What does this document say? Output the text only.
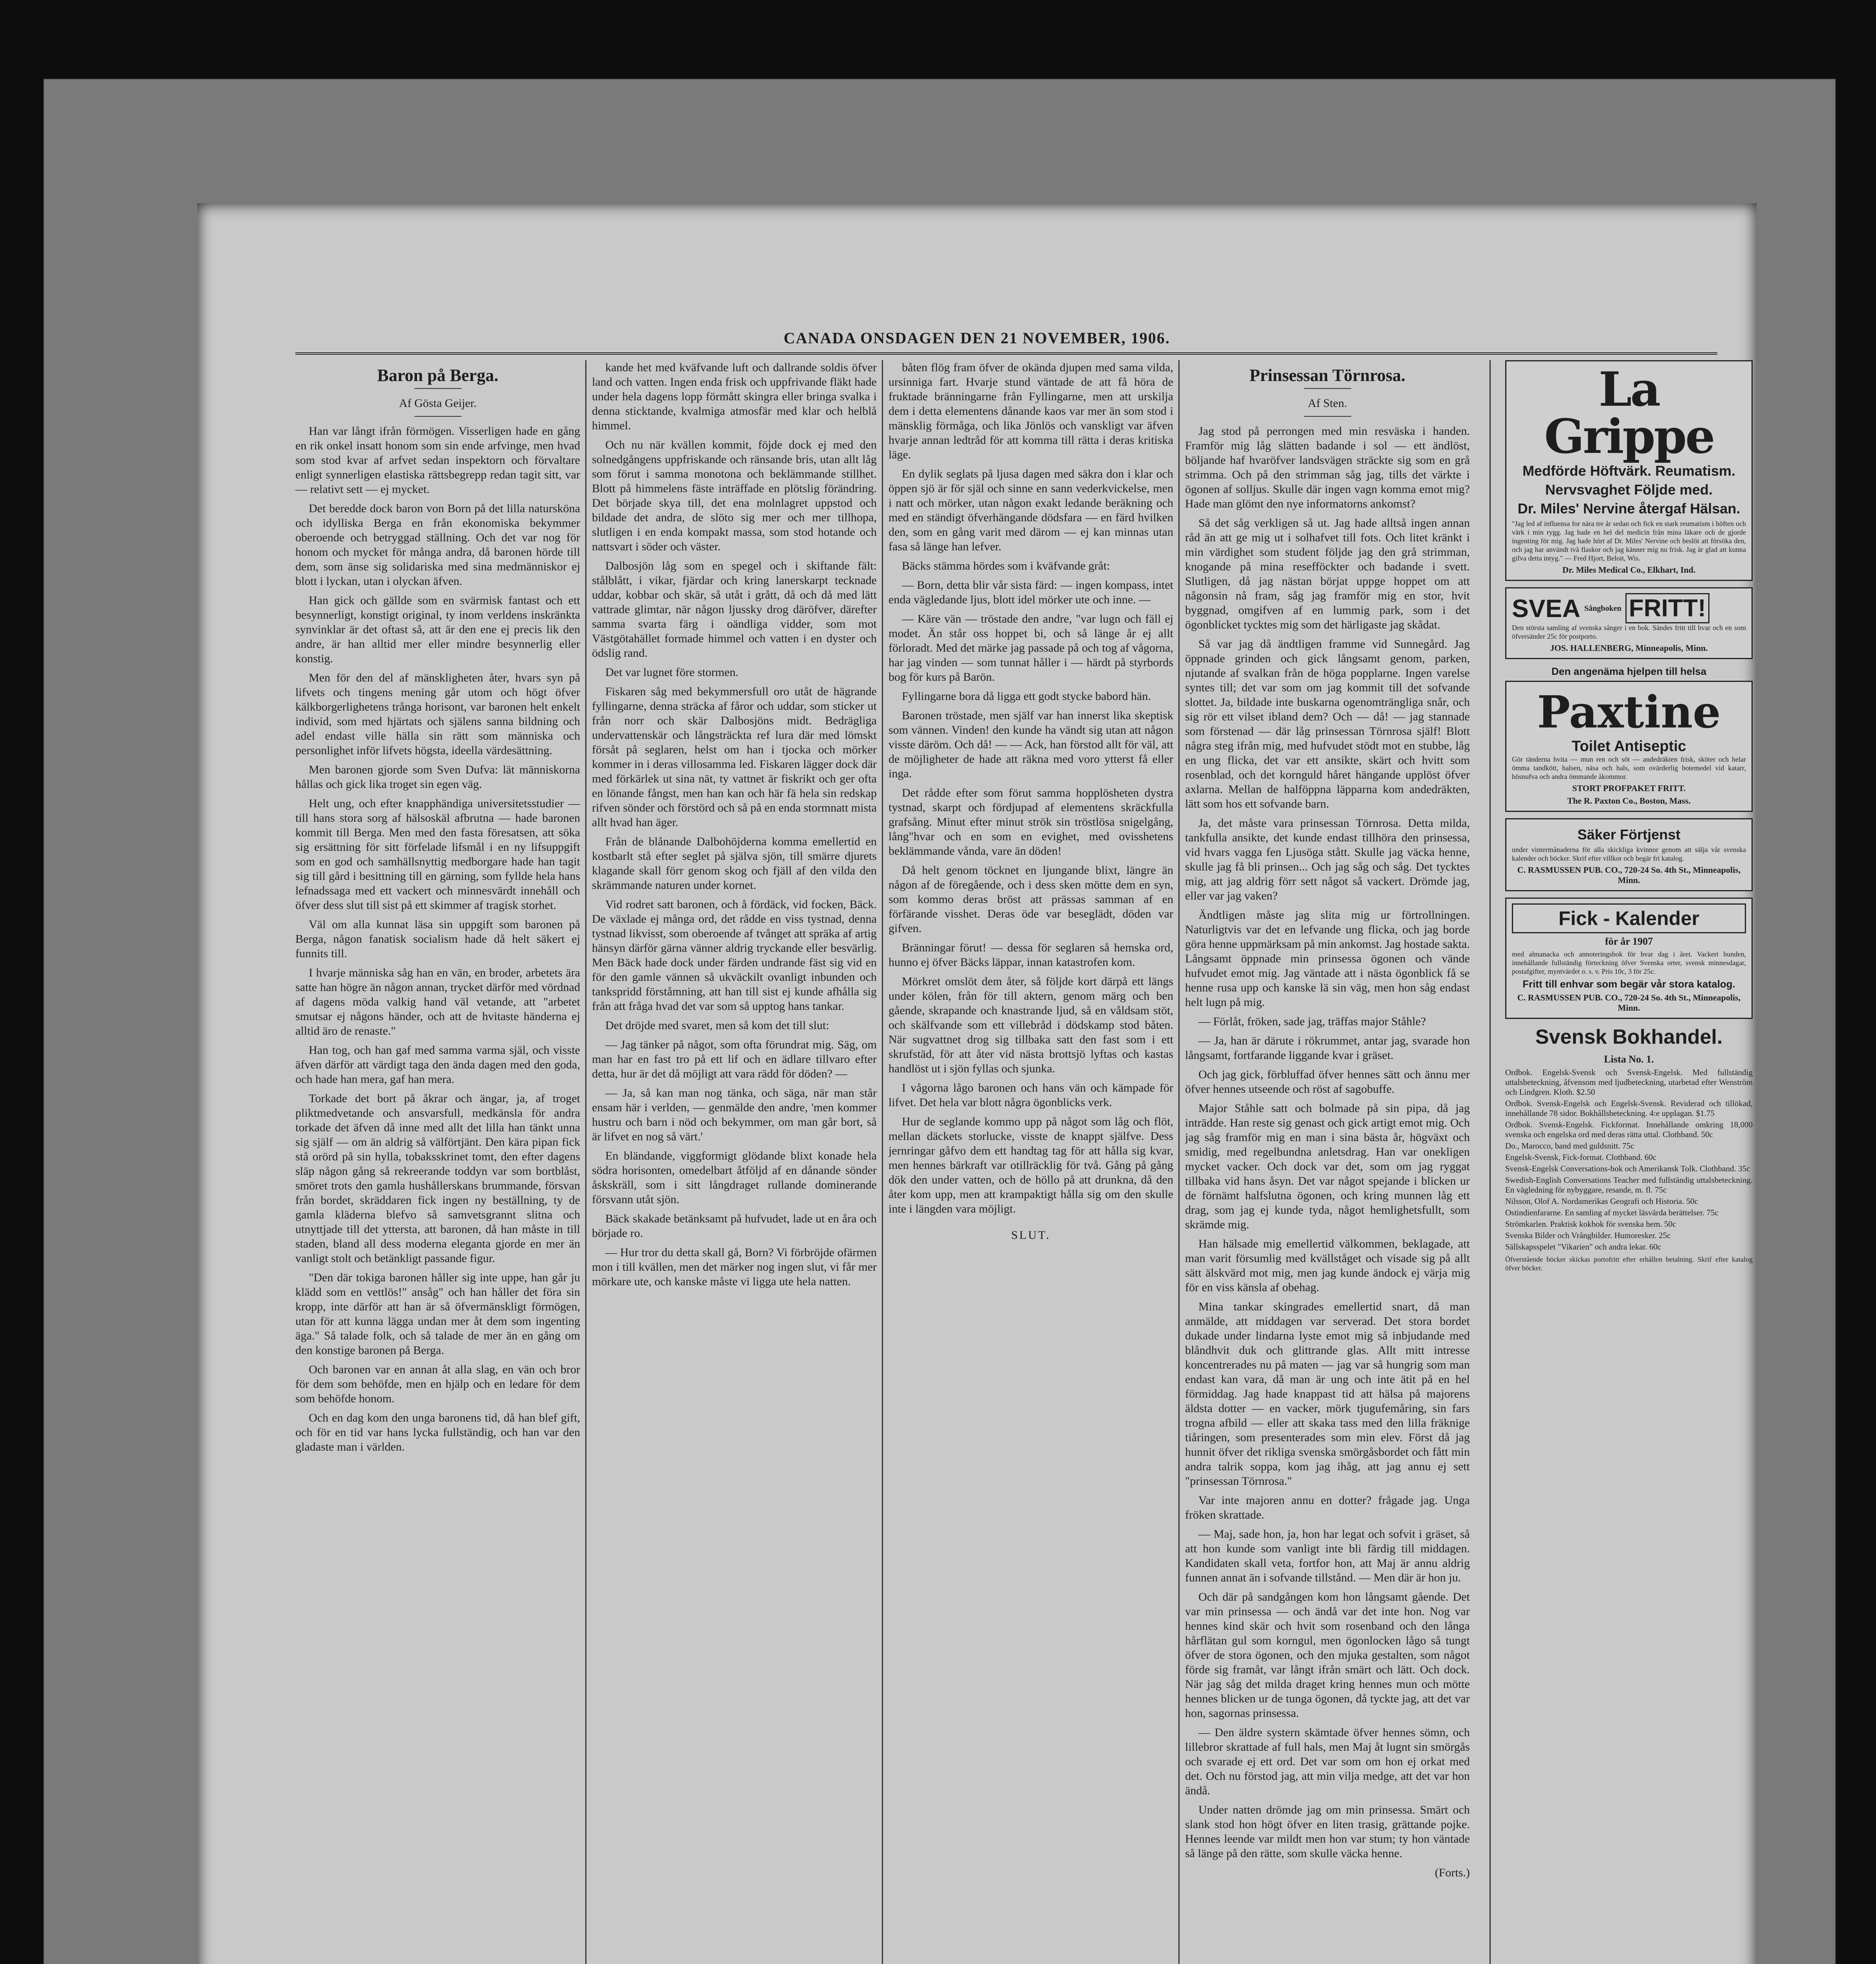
CANADA ONSDAGEN DEN 21 NOVEMBER, 1906.
Baron på Berga.
Af Gösta Geijer.

Han var långt ifrån förmögen. Visserligen hade en gång en rik onkel insatt honom som sin ende arfvinge, men hvad som stod kvar af arfvet sedan inspektorn och förvaltare enligt synnerligen elastiska rättsbegrepp redan tagit sitt, var — relativt sett — ej mycket.

Det beredde dock baron von Born på det lilla naturskönа och idylliska Berga en från ekonomiska bekymmer oberoende och betryggad ställning. Och det var nog för honom och mycket för många andra, då baronen hörde till dem, som änse sig solidariska med sina medmänniskor ej blott i lyckan, utan i olyckan äfven.

Han gick och gällde som en svärmisk fantast och ett besynnerligt, konstigt original, ty inom verldens inskränkta synvinklar är det oftast så, att är den ene ej precis lik den andre, är han alltid mer eller mindre besynnerlig eller konstig.

Men för den del af mänskligheten åter, hvars syn på lifvets och tingens mening går utom och högt öfver kälkborgerlighetens trånga horisont, var baronen helt enkelt individ, som med hjärtats och själens sanna bildning och adel endast ville hälla sin rätt som människa och personlighet inför lifvets högsta, ideella värdesättning.

Men baronen gjorde som Sven Dufva: lät människorna hållas och gick lika troget sin egen väg.

Helt ung, och efter knapphändiga universitetsstudier — till hans stora sorg af hälsoskäl afbrutna — hade baronen kommit till Berga. Men med den fasta föresatsen, att söka sig ersättning för sitt förfelade lifsmål i en ny lifsuppgift som en god och samhällsnyttig medborgare hade han tagit sig till gård i besittning till en gärning, som fyllde hela hans lefnadssaga med ett vackert och minnesvärdt innehåll och öfver dess slut till sist på ett skimmer af tragisk storhet.

Väl om alla kunnat läsa sin uppgift som baronen på Berga, någon fanatisk socialism hade då helt säkert ej funnits till.

I hvarje människa såg han en vän, en broder, arbetets ära satte han högre än någon annan, trycket därför med vördnad af dagens möda valkig hand väl vetande, att "arbetet smutsar ej någons händer, och att de hvitaste händerna ej alltid äro de renaste."

Han tog, och han gaf med samma varma själ, och visste äfven därför att värdigt taga den ända dagen med den goda, och hade han mera, gaf han mera.

Torkade det bort på åkrar och ängar, ja, af troget pliktmedvetande och ansvarsfull, medkänsla för andra torkade det äfven då inne med allt det lilla han tänkt unna sig själf — om än aldrig så välförtjänt. Den kära pipan fick stå orörd på sin hylla, tobaksskrinet tomt, den efter dagens släp någon gång så rekreerande toddyn var som bortblåst, smöret trots den gamla hushållerskans brummande, försvan från bordet, skräddaren fick ingen ny beställning, ty de gamla kläderna blefvo så samvetsgrannt slitna och utnyttjade till det yttersta, att baronen, då han måste in till staden, bland all dess moderna eleganta gjorde en mer än vanligt stolt och betänkligt passande figur.

"Den där tokiga baronen håller sig inte uppe, han går ju klädd som en vettlös!" ansåg" och han håller det föra sin kropp, inte därför att han är så öfvermänskligt förmögen, utan för att kunna lägga undan mer åt dem som ingenting äga." Så talade folk, och så talade de mer än en gång om den konstige baronen på Berga.

Och baronen var en annan åt alla slag, en vän och bror för dem som behöfde, men en hjälp och en ledare för dem som behöfde honom.

Och en dag kom den unga baronens tid, då han blef gift, och för en tid var hans lycka fullständig, och han var den gladaste man i världen.

kande het med kväfvande luft och dallrande soldis öfver land och vatten. Ingen enda frisk och uppfrivande fläkt hade under hela dagens lopp förmått skingra eller bringa svalka i denna sticktande, kvalmiga atmosfär med klar och helblå himmel.

Och nu när kvällen kommit, föjde dock ej med den solnedgångens uppfriskande och ränsande bris, utan allt låg som förut i samma monotona och beklämmande stillhet. Blott på himmelens fäste inträffade en plötslig förändring. Det började skya till, det ena molnlagret uppstod och bildade det andra, de slöto sig mer och mer tillhopa, slutligen i en enda kompakt massa, som stod hotande och nattsvart i söder och väster.

Dalbosjön låg som en spegel och i skiftande fält: stålblått, i vikar, fjärdar och kring lanerskarpt tecknade uddar, kobbar och skär, så utåt i grått, då och då med lätt vattrade glimtar, när någon ljussky drog däröfver, därefter samma svarta färg i oändliga vidder, som mot Västgötahället formade himmel och vatten i en dyster och ödslig rand.

Det var lugnet före stormen.

Fiskaren såg med bekymmersfull oro utåt de hägrande fyllingarne, denna sträcka af fåror och uddar, som sticker ut från norr och skär Dalbosjöns midt. Bedrägliga undervattenskär och långsträckta ref lura där med lömskt försåt på seglaren, helst om han i tjocka och mörker kommer in i deras villosamma led. Fiskaren lägger dock där med förkärlek ut sina nät, ty vattnet är fiskrikt och ger ofta en lönande fångst, men han kan och här fä hela sin redskap rifven sönder och förstörd och så på en enda stormnatt mista allt hvad han äger.

Från de blånande Dalbohöjderna komma emellertid en kostbarlt stå efter seglet på själva sjön, till smärre djurets klagande skall förr genom skog och fjäll af den vilda den skrämmande naturen under kornet.

Vid rodret satt baronen, och å fördäck, vid focken, Bäck. De växlade ej många ord, det rådde en viss tystnad, denna tystnad likvisst, som oberoende af tvånget att spräka af artig hänsyn därför gärna vänner aldrig tryckande eller besvärlig. Men Bäck hade dock under färden undrande fäst sig vid en för den gamle vännen så ukväckilt ovanligt inbunden och tankspridd förståmning, att han till sist ej kunde afhålla sig från att fråga hvad det var som så upptog hans tankar.

Det dröjde med svaret, men så kom det till slut:

— Jag tänker på något, som ofta förundrat mig. Säg, om man har en fast tro på ett lif och en ädlare tillvaro efter detta, hur är det då möjligt att vara rädd för döden? —

— Ja, så kan man nog tänka, och säga, när man står ensam här i verlden, — genmälde den andre, 'men kommer hustru och barn i nöd och bekymmer, om man går bort, så är lifvet en nog så värt.'

En bländande, viggformigt glödande blixt konade hela södra horisonten, omedelbart åtföljd af en dånande sönder åskskräll, som i sitt långdraget rullande dominerande försvann utåt sjön.

Bäck skakade betänksamt på hufvudet, lade ut en åra och började ro.

— Hur tror du detta skall gå, Born? Vi förbröjde ofärmen mon i till kvällen, men det märker nog ingen slut, vi får mer mörkare ute, och kanske måste vi ligga ute hela natten.

båten flög fram öfver de okända djupen med sama vilda, ursinniga fart. Hvarje stund väntade de att få höra de fruktade bränningarne från Fyllingarne, men att urskilja dem i detta elementens dånande kaos var mer än som stod i mänsklig förmåga, och lika Jönlös och vanskligt var äfven hvarje annan ledtråd för att komma till rätta i deras kritiska läge.

En dylik seglats på ljusa dagen med säkra don i klar och öppen sjö är för själ och sinne en sann vederkvickelse, men i natt och mörker, utan någon exakt ledande beräkning och med en ständigt öfverhängande dödsfara — en färd hvilken den, som en gång varit med därom — ej kan minnas utan fasa så länge han lefver.

Bäcks stämma hördes som i kväfvande gråt:

— Born, detta blir vår sista färd: — ingen kompass, intet enda vägledande ljus, blott idel mörker ute och inne. —

— Käre vän — tröstade den andre, "var lugn och fäll ej modet. Än står oss hoppet bi, och så länge år ej allt förloradt. Med det märke jag passade på och tog af vågorna, har jag vinden — som tunnat håller i — härdt på styrbords bog för kurs på Barön.

Fyllingarne bora då ligga ett godt stycke babord hän.

Baronen tröstade, men själf var han innerst lika skeptisk som vännen. Vinden! den kunde ha vändt sig utan att någon visste däröm. Och då! — — Ack, han förstod allt för väl, att de möjligheter de hade att räkna med voro ytterst få eller inga.

Det rådde efter som förut samma hopplösheten dystra tystnad, skarpt och fördjupad af elementens skräckfulla grafsång. Minut efter minut strök sin tröstlösa snigelgång, lång"hvar och en som en evighet, med ovisshetens beklämmande vånda, vare än döden!

Då helt genom töcknet en ljungande blixt, längre än någon af de föregående, och i dess sken mötte dem en syn, som kommo deras bröst att prässas samman af en förfärande visshet. Deras öde var beseglädt, döden var gifven.

Bränningar förut! — dessa för seglaren så hemska ord, hunno ej öfver Bäcks läppar, innan katastrofen kom.

Mörkret omslöt dem åter, så följde kort därpå ett längs under kölen, från för till aktern, genom märg och ben gående, skrapande och knastrande ljud, så en våldsam stöt, och skälfvande som ett villebråd i dödskamp stod båten. När sugvattnet drog sig tillbaka satt den fast som i ett skrufstäd, för att åter vid nästa brottsjö lyftas och kastas handlöst ut i sjön fyllas och sjunka.

I vågorna lågo baronen och hans vän och kämpade för lifvet. Det hela var blott några ögonblicks verk.

Hur de seglande kommo upp på något som låg och flöt, mellan däckets storlucke, visste de knappt själfve. Dess jernringar gåfvo dem ett handtag tag för att hålla sig kvar, men hennes bärkraft var otillräcklig för två. Gång på gång dök den under vatten, och de höllo på att drunkna, då den åter kom upp, men att krampaktigt hålla sig om den skulle inte i längden vara möjligt.

SLUT.
Prinsessan Törnrosa.
Af Sten.

Jag stod på perrongen med min resväska i handen. Framför mig låg slätten badande i sol — ett ändlöst, böljande haf hvaröfver landsvägen sträckte sig som en grå strimma. Och på den strimman såg jag, tills det värkte i ögonen af solljus. Skulle där ingen vagn komma emot mig? Hade man glömt den nye informatorns ankomst?

Så det såg verkligen så ut. Jag hade alltså ingen annan råd än att ge mig ut i solhafvet till fots. Och litet kränkt i min värdighet som student följde jag den grå strimman, knogande på mina resefföckter och badande i svett. Slutligen, då jag nästan börjat uppge hoppet om att någonsin nå fram, såg jag framför mig en stor, hvit byggnad, omgifven af en lummig park, som i det ögonblicket tycktes mig som det härligaste jag skådat.

Så var jag då ändtligen framme vid Sunnegård. Jag öppnade grinden och gick långsamt genom, parken, njutande af svalkan från de höga popplarne. Ingen varelse syntes till; det var som om jag kommit till det sofvande slottet. Ja, bildade inte buskarna ogenomträngliga snår, och sig rör ett vilset ibland dem? Och — då! — jag stannade som förstenad — där låg prinsessan Törnrosa själf! Blott några steg ifrån mig, med hufvudet stödt mot en stubbe, låg en ung flicka, det var ett ansikte, skärt och hvitt som rosenblad, och det kornguld håret hängande upplöst öfver axlarna. Mellan de halföppna läpparna kom andedräkten, lätt som hos ett sofvande barn.

Ja, det måste vara prinsessan Törnrosa. Detta milda, tankfulla ansikte, det kunde endast tillhöra den prinsessa, vid hvars vagga fen Ljusöga stått. Skulle jag väcka henne, skulle jag få bli prinsen... Och jag såg och såg. Det tycktes mig, att jag aldrig förr sett något så vackert. Drömde jag, eller var jag vaken?

Ändtligen måste jag slita mig ur förtrollningen. Naturligtvis var det en lefvande ung flicka, och jag borde göra henne uppmärksam på min ankomst. Jag hostade sakta. Långsamt öppnade min prinsessa ögonen och vände hufvudet emot mig. Jag väntade att i nästa ögonblick få se henne rusa upp och kanske lä sin väg, men hon såg endast helt lugn på mig.

— Förlåt, fröken, sade jag, träffas major Ståhle?

— Ja, han är därute i rökrummet, antar jag, svarade hon långsamt, fortfarande liggande kvar i gräset.

Och jag gick, förbluffad öfver hennes sätt och ännu mer öfver hennes utseende och röst af sagobuffe.

Major Ståhle satt och bolmade på sin pipa, då jag inträdde. Han reste sig genast och gick artigt emot mig. Och jag såg framför mig en man i sina bästa år, högväxt och smidig, med regelbundna anletsdrag. Han var onekligen mycket vacker. Och dock var det, som om jag ryggat tillbaka vid hans åsyn. Det var något spejande i blicken ur de förnämt halfslutna ögonen, och kring munnen låg ett drag, som jag ej kunde tyda, något hemlighetsfullt, som skrämde mig.

Han hälsade mig emellertid välkommen, beklagade, att man varit försumlig med kvällståget och visade sig på allt sätt älskvärd mot mig, men jag kunde ändock ej värja mig för en viss känsla af obehag.

Mina tankar skingrades emellertid snart, då man anmälde, att middagen var serverad. Det stora bordet dukade under lindarna lyste emot mig så inbjudande med blåndhvit duk och glittrande glas. Allt mitt intresse koncentrerades nu på maten — jag var så hungrig som man endast kan vara, då man är ung och inte ätit på en hel förmiddag. Jag hade knappast tid att hälsa på majorens äldsta dotter — en vacker, mörk tjugufemåring, sin fars trogna afbild — eller att skaka tass med den lilla fräknige tiåringen, som presenterades som min elev. Först då jag hunnit öfver det rikliga svenska smörgåsbordet och fått min andra talrik soppa, kom jag ihåg, att jag annu ej sett "prinsessan Törnrosa."

Var inte majoren annu en dotter? frågade jag. Unga fröken skrattade.

— Maj, sade hon, ja, hon har legat och sofvit i gräset, så att hon kunde som vanligt inte bli färdig till middagen. Kandidaten skall veta, fortfor hon, att Maj är annu aldrig funnen annat än i sofvande tillstånd. — Men där är hon ju.

Och där på sandgången kom hon långsamt gående. Det var min prinsessa — och ändå var det inte hon. Nog var hennes kind skär och hvit som rosenband och den långa hårflätan gul som korngul, men ögonlocken lågo så tungt öfver de stora ögonen, och den mjuka gestalten, som något förde sig framåt, var långt ifrån smärt och lätt. Och dock. När jag såg det milda draget kring hennes mun och mötte hennes blicken ur de tunga ögonen, då tyckte jag, att det var hon, sagornas prinsessa.

— Den äldre systern skämtade öfver hennes sömn, och lillebror skrattade af full hals, men Maj åt lugnt sin smörgås och svarade ej ett ord. Det var som om hon ej orkat med det. Och nu förstod jag, att min vilja medge, att det var hon ändå.

Under natten drömde jag om min prinsessa. Smärt och slank stod hon högt öfver en liten trasig, grättande pojke. Hennes leende var mildt men hon var stum; ty hon väntade så länge på den rätte, som skulle väcka henne.

(Forts.)
La Grippe
Medförde Höftvärk. Reumatism.
Nervsvaghet Följde med.
Dr. Miles' Nervine återgaf Hälsan.
"Jag led af influensa for nära tre år sedan och fick en stark reumatism i höften och värk i min rygg. Jag hade en hel del medicin från mina läkare och de gjorde ingenting för mig. Jag hade hört af Dr. Miles' Nervine och beslöt att försöka den, och jag har användt två flaskor och jag känner mig nu frisk. Jag är glad att kunna gifva detta intyg." — Fred Hjort, Beloit, Wis.
Dr. Miles Medical Co., Elkhart, Ind.
SVEA Sångboken FRITT!
Den största samling af svenska sånger i en bok. Sändes fritt till hvar och en som öfversänder 25c för postporto.
JOS. HALLENBERG, Minneapolis, Minn.
Den angenäma hjelpen till helsa
Paxtine
Toilet Antiseptic
Gör tänderna hvita — mun ren och söt — andedräkten frisk, sköter och helar ömma tandkött, halsen, näsa och hals, som ovärderlig botemedel vid katarr, hösnufva och andra ömmande åkommor.
STORT PROFPAKET FRITT.
The R. Paxton Co., Boston, Mass.
Säker Förtjenst
under vintermånaderna för alla skickliga kvinnor genom att sälja vår svenska kalender och böcker. Skrif efter villkor och begär fri katalog.
C. RASMUSSEN PUB. CO., 720-24 So. 4th St., Minneapolis, Minn.
Fick - Kalender
för år 1907
med almanacka och annoteringsbok för hvar dag i året. Vackert bunden, innehållande fullständig förteckning öfver Svenska orter, svensk minnesdagar, postafgifter, myntvärdet o. s. v. Pris 10c, 3 för 25c.
Fritt till enhvar som begär vår stora katalog.
C. RASMUSSEN PUB. CO., 720-24 So. 4th St., Minneapolis, Minn.
Svensk Bokhandel.
Lista No. 1.
Ordbok. Engelsk-Svensk och Svensk-Engelsk. Med fullständig uttalsbeteckning, åfvensom med ljudbeteckning, utarbetad efter Wenström och Lindgren. Kloth. $2.50
Ordbok. Svensk-Engelsk och Engelsk-Svensk. Reviderad och tillökad, innehållande 78 sidor. Bokhållsbeteckning. 4:e upplagan. $1.75
Ordbok. Svensk-Engelsk. Fickformat. Innehållande omkring 18,000 svenska och engelska ord med deras rätta uttal. Clothband. 50c
Do., Marocco, band med guldsnitt. 75c
Engelsk-Svensk, Fick-format. Clothband. 60c
Svensk-Engelsk Conversations-bok och Amerikansk Tolk. Clothband. 35c
Swedish-English Conversations Teacher med fullständig uttalsbeteckning. En vägledning för nybyggare, resande, m. fl. 75c
Nilsson, Olof A. Nordamerikas Geografi och Historia. 50c
Ostindienfararne. En samling af mycket läsvärda berättelser. 75c
Strömkarlen. Praktisk kokbok för svenska hem. 50c
Svenska Bilder och Vrångbilder. Humoresker. 25c
Sällskapsspelet "Vikarien" och andra lekar. 60c
Öfverstående böcker skickas portofritt efter erhållen betalning. Skrif efter katalog öfver böcker.
